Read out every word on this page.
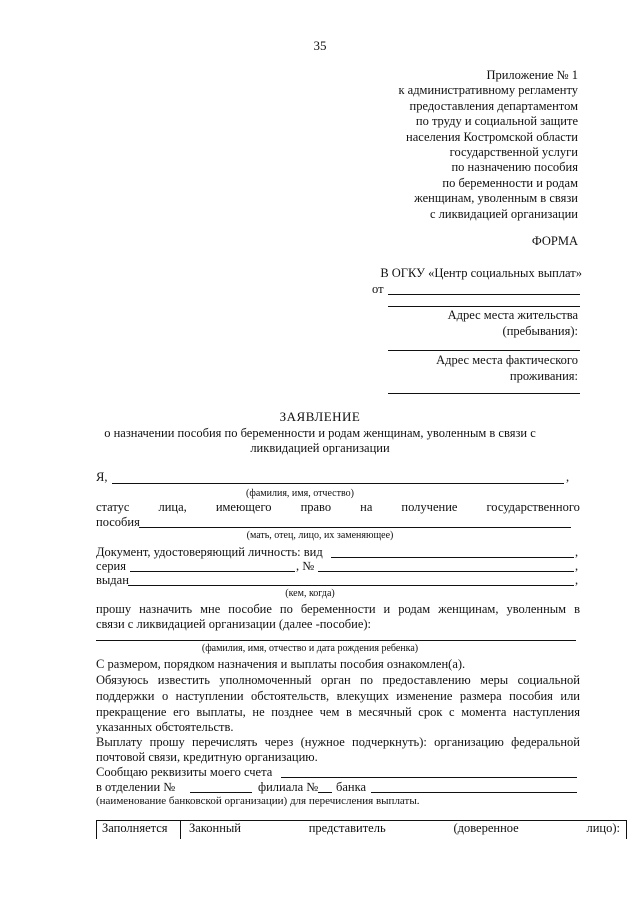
35
Приложение № 1
к административному регламенту
предоставления департаментом
по труду и социальной защите
населения Костромской области
государственной услуги
по назначению пособия
по беременности и родам
женщинам, уволенным в связи
с ликвидацией организации
ФОРМА
В ОГКУ «Центр социальных выплат»
от
Адрес места жительства
(пребывания):
Адрес места фактического
проживания:
ЗАЯВЛЕНИЕ
о назначении пособия по беременности и родам женщинам, уволенным в связи с
ликвидацией организации
Я,	,
(фамилия, имя, отчество)
статус лица, имеющего право на получение государственного
пособия
(мать, отец, лицо, их заменяющее)
Документ, удостоверяющий личность: вид	,
серия	, №	,
выдан	,
(кем, когда)
прошу назначить мне пособие по беременности и родам женщинам, уволенным в
связи с ликвидацией организации (далее -пособие):
(фамилия, имя, отчество и дата рождения ребенка)
С размером, порядком назначения и выплаты пособия ознакомлен(а).
Обязуюсь известить уполномоченный орган по предоставлению меры социальной
поддержки о наступлении обстоятельств, влекущих изменение размера пособия или
прекращение его выплаты, не позднее чем в месячный срок с момента наступления
указанных обстоятельств.
Выплату прошу перечислять через (нужное подчеркнуть): организацию федеральной
почтовой связи, кредитную организацию.
Сообщаю реквизиты моего счета
в отделении №	филиала № банка
(наименование банковской организации) для перечисления выплаты.
Заполняется	Законный	представитель	(доверенное	лицо):
